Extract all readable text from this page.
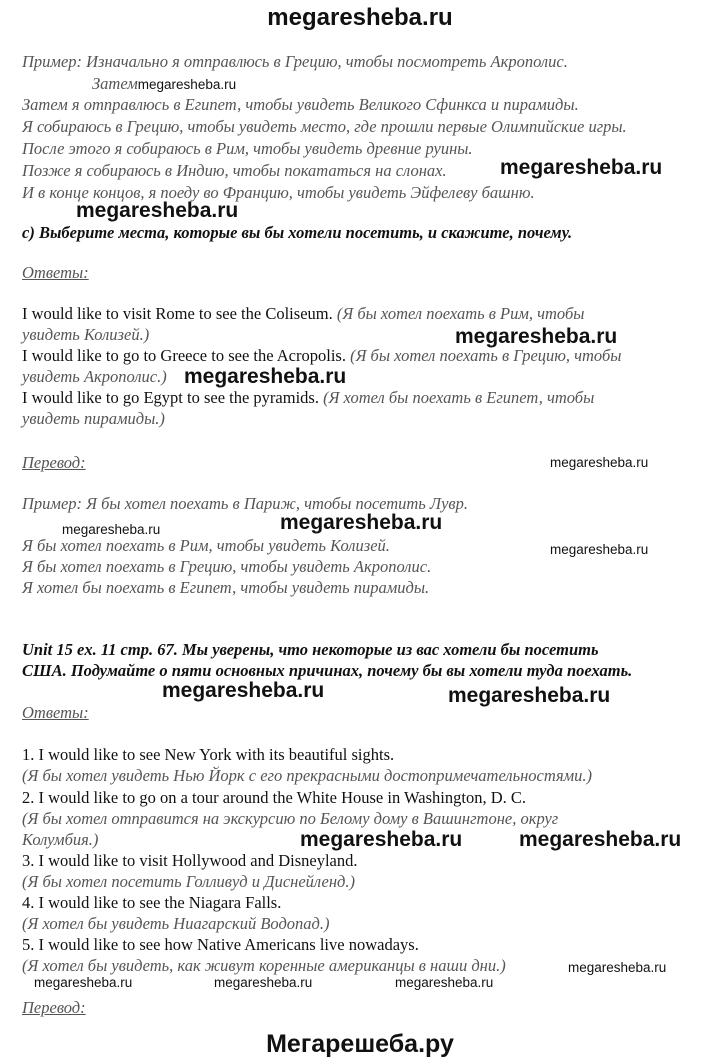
megaresheba.ru
Пример: Изначально я отправлюсь в Грецию, чтобы посмотреть Акрополис.
Затемmegaresheba.ru
Затем я отправлюсь в Египет, чтобы увидеть Великого Сфинкса и пирамиды.
Я собираюсь в Грецию, чтобы увидеть место, где прошли первые Олимпийские игры.
После этого я собираюсь в Рим, чтобы увидеть древние руины.
Позже я собираюсь в Индию, чтобы покататься на слонах.
И в конце концов, я поеду во Францию, чтобы увидеть Эйфелеву башню.
megaresheba.ru
megaresheba.ru
c) Выберите места, которые вы бы хотели посетить, и скажите, почему.
Ответы:
I would like to visit Rome to see the Coliseum. (Я бы хотел поехать в Рим, чтобы
увидеть Колизей.)
I would like to go to Greece to see the Acropolis. (Я бы хотел поехать в Грецию, чтобы
увидеть Акрополис.)
I would like to go Egypt to see the pyramids. (Я хотел бы поехать в Египет, чтобы
увидеть пирамиды.)
megaresheba.ru
megaresheba.ru
Перевод:	megaresheba.ru
Пример: Я бы хотел поехать в Париж, чтобы посетить Лувр.
megaresheba.ru
megaresheba.ru
Я бы хотел поехать в Рим, чтобы увидеть Колизей.	megaresheba.ru
Я бы хотел поехать в Грецию, чтобы увидеть Акрополис.
Я хотел бы поехать в Египет, чтобы увидеть пирамиды.
Unit 15 ex. 11 стр. 67. Мы уверены, что некоторые из вас хотели бы посетить
США. Подумайте о пяти основных причинах, почему бы вы хотели туда поехать.
megaresheba.ru	megaresheba.ru
Ответы:
1. I would like to see New York with its beautiful sights.
(Я бы хотел увидеть Нью Йорк с его прекрасными достопримечательностями.)
2. I would like to go on a tour around the White House in Washington, D. C.
(Я бы хотел отправится на экскурсию по Белому дому в Вашингтоне, округ
Колумбия.)	megaresheba.ru	megaresheba.ru
3. I would like to visit Hollywood and Disneyland.
(Я бы хотел посетить Голливуд и Диснейленд.)
4. I would like to see the Niagara Falls.
(Я хотел бы увидеть Ниагарский Водопад.)
5. I would like to see how Native Americans live nowadays.
(Я хотел бы увидеть, как живут коренные американцы в наши дни.)	megaresheba.ru
megaresheba.ru	megaresheba.ru	megaresheba.ru
Перевод:
Мегарешеба.ру
